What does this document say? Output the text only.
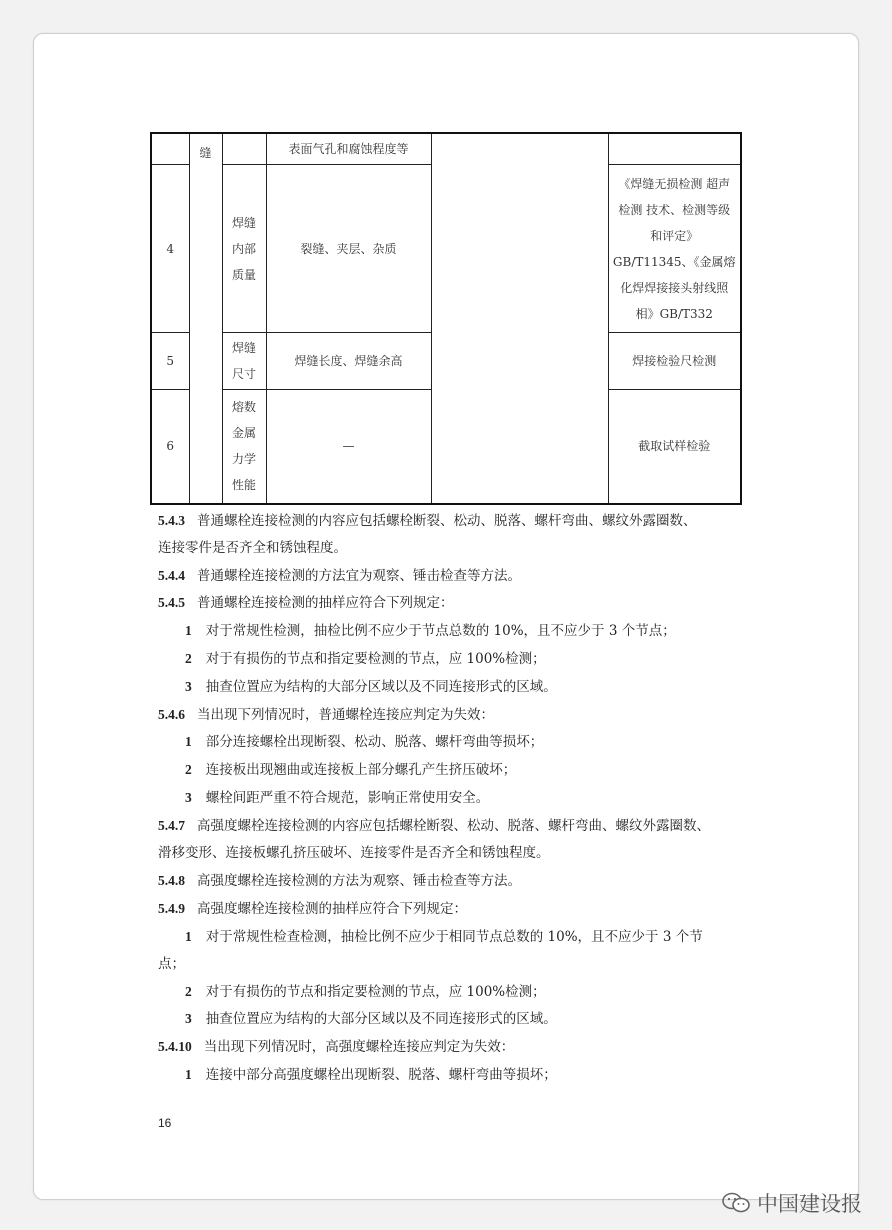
	缝		表面气孔和腐蚀程度等		
4		焊缝内部质量	裂缝、夹层、杂质		《焊缝无损检测 超声检测 技术、检测等级和评定》GB/T11345、《金属熔化焊焊接接头射线照相》GB/T332
5		焊缝尺寸	焊缝长度、焊缝余高		焊接检验尺检测
6		熔数金属力学性能	—		截取试样检验
5.4.3 普通螺栓连接检测的内容应包括螺栓断裂、松动、脱落、螺杆弯曲、螺纹外露圈数、
连接零件是否齐全和锈蚀程度。
5.4.4 普通螺栓连接检测的方法宜为观察、锤击检查等方法。
5.4.5 普通螺栓连接检测的抽样应符合下列规定：
1 对于常规性检测，抽检比例不应少于节点总数的 10%，且不应少于 3 个节点；
2 对于有损伤的节点和指定要检测的节点，应 100%检测；
3 抽查位置应为结构的大部分区域以及不同连接形式的区域。
5.4.6 当出现下列情况时，普通螺栓连接应判定为失效：
1 部分连接螺栓出现断裂、松动、脱落、螺杆弯曲等损坏；
2 连接板出现翘曲或连接板上部分螺孔产生挤压破坏；
3 螺栓间距严重不符合规范，影响正常使用安全。
5.4.7 高强度螺栓连接检测的内容应包括螺栓断裂、松动、脱落、螺杆弯曲、螺纹外露圈数、
滑移变形、连接板螺孔挤压破坏、连接零件是否齐全和锈蚀程度。
5.4.8 高强度螺栓连接检测的方法为观察、锤击检查等方法。
5.4.9 高强度螺栓连接检测的抽样应符合下列规定：
1 对于常规性检查检测，抽检比例不应少于相同节点总数的 10%，且不应少于 3 个节
点；
2 对于有损伤的节点和指定要检测的节点，应 100%检测；
3 抽查位置应为结构的大部分区域以及不同连接形式的区域。
5.4.10 当出现下列情况时，高强度螺栓连接应判定为失效：
1 连接中部分高强度螺栓出现断裂、脱落、螺杆弯曲等损坏；
16
中国建设报
